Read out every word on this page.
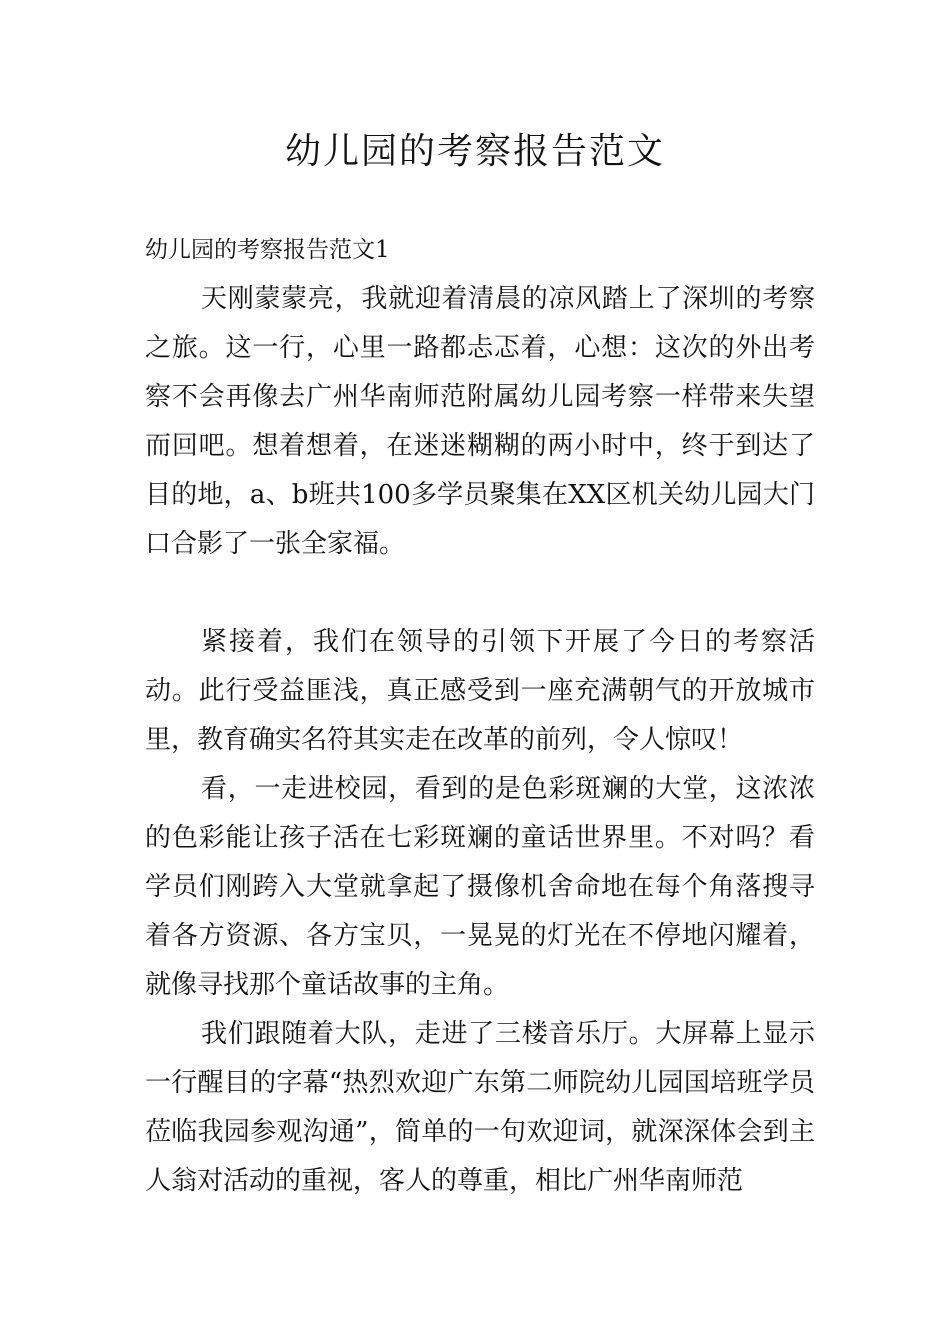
幼儿园的考察报告范文

幼儿园的考察报告范文1

天刚蒙蒙亮，我就迎着清晨的凉风踏上了深圳的考察之旅。这一行，心里一路都忐忑着，心想：这次的外出考察不会再像去广州华南师范附属幼儿园考察一样带来失望而回吧。想着想着，在迷迷糊糊的两小时中，终于到达了目的地，a、b班共100多学员聚集在XX区机关幼儿园大门口合影了一张全家福。

紧接着，我们在领导的引领下开展了今日的考察活动。此行受益匪浅，真正感受到一座充满朝气的开放城市里，教育确实名符其实走在改革的前列，令人惊叹！

看，一走进校园，看到的是色彩斑斓的大堂，这浓浓的色彩能让孩子活在七彩斑斓的童话世界里。不对吗？看学员们刚跨入大堂就拿起了摄像机舍命地在每个角落搜寻着各方资源、各方宝贝，一晃晃的灯光在不停地闪耀着，就像寻找那个童话故事的主角。

我们跟随着大队，走进了三楼音乐厅。大屏幕上显示一行醒目的字幕“热烈欢迎广东第二师院幼儿园国培班学员莅临我园参观沟通”，简单的一句欢迎词，就深深体会到主人翁对活动的重视，客人的尊重，相比广州华南师范
